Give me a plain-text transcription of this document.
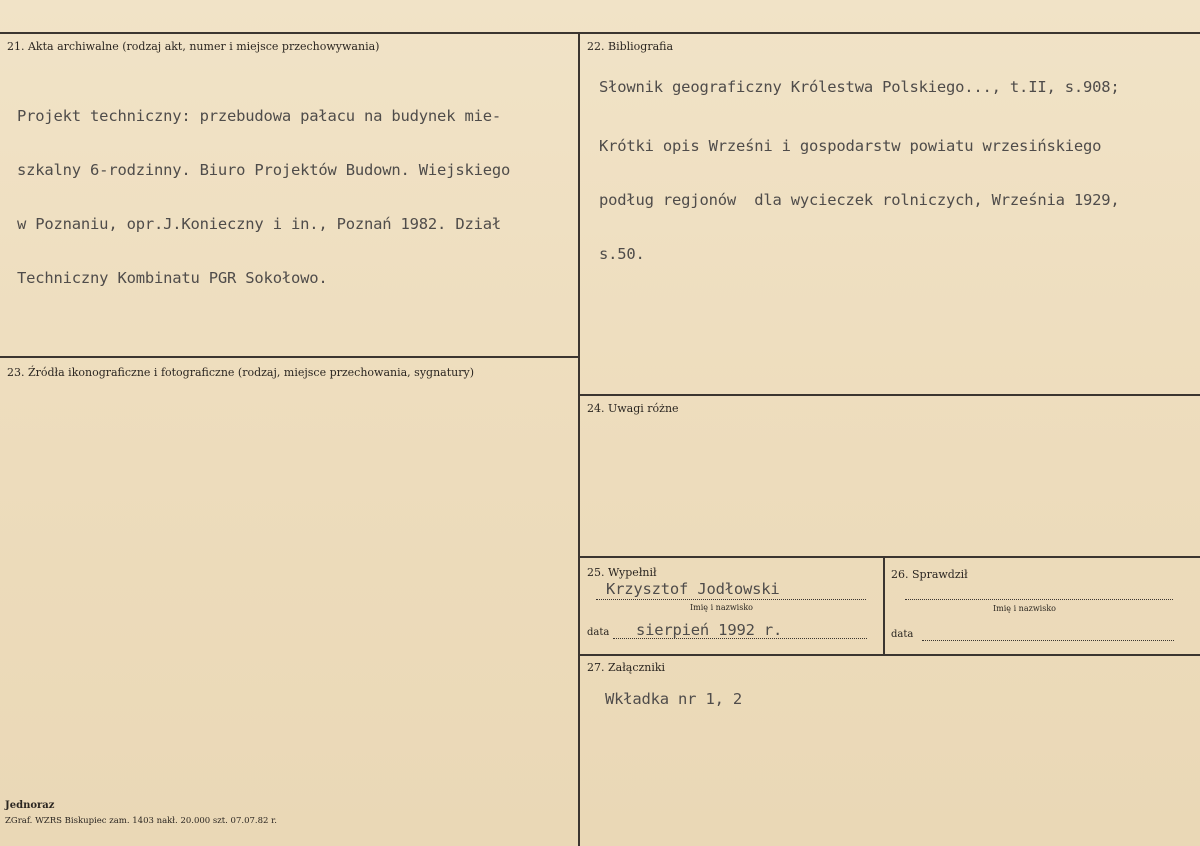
21. Akta archiwalne (rodzaj akt, numer i miejsce przechowywania)

Projekt techniczny: przebudowa pałacu na budynek mie-

szkalny 6-rodzinny. Biuro Projektów Budown. Wiejskiego

w Poznaniu, opr.J.Konieczny i in., Poznań 1982. Dział

Techniczny Kombinatu PGR Sokołowo.

22. Bibliografia
Słownik geograficzny Królestwa Polskiego..., t.II, s.908;

Krótki opis Wrześni i gospodarstw powiatu wrzesińskiego

podług regjonów  dla wycieczek rolniczych, Września 1929,

s.50.

23. Źródła ikonograficzne i fotograficzne (rodzaj, miejsce przechowania, sygnatury)
24. Uwagi różne
25. Wypełnił
Krzysztof Jodłowski
Imię i nazwisko
data sierpień 1992 r.
26. Sprawdził
Imię i nazwisko
data
27. Załączniki
Wkładka nr 1, 2
Jednoraz
ZGraf. WZRS Biskupiec zam. 1403 nakł. 20.000 szt. 07.07.82 r.
